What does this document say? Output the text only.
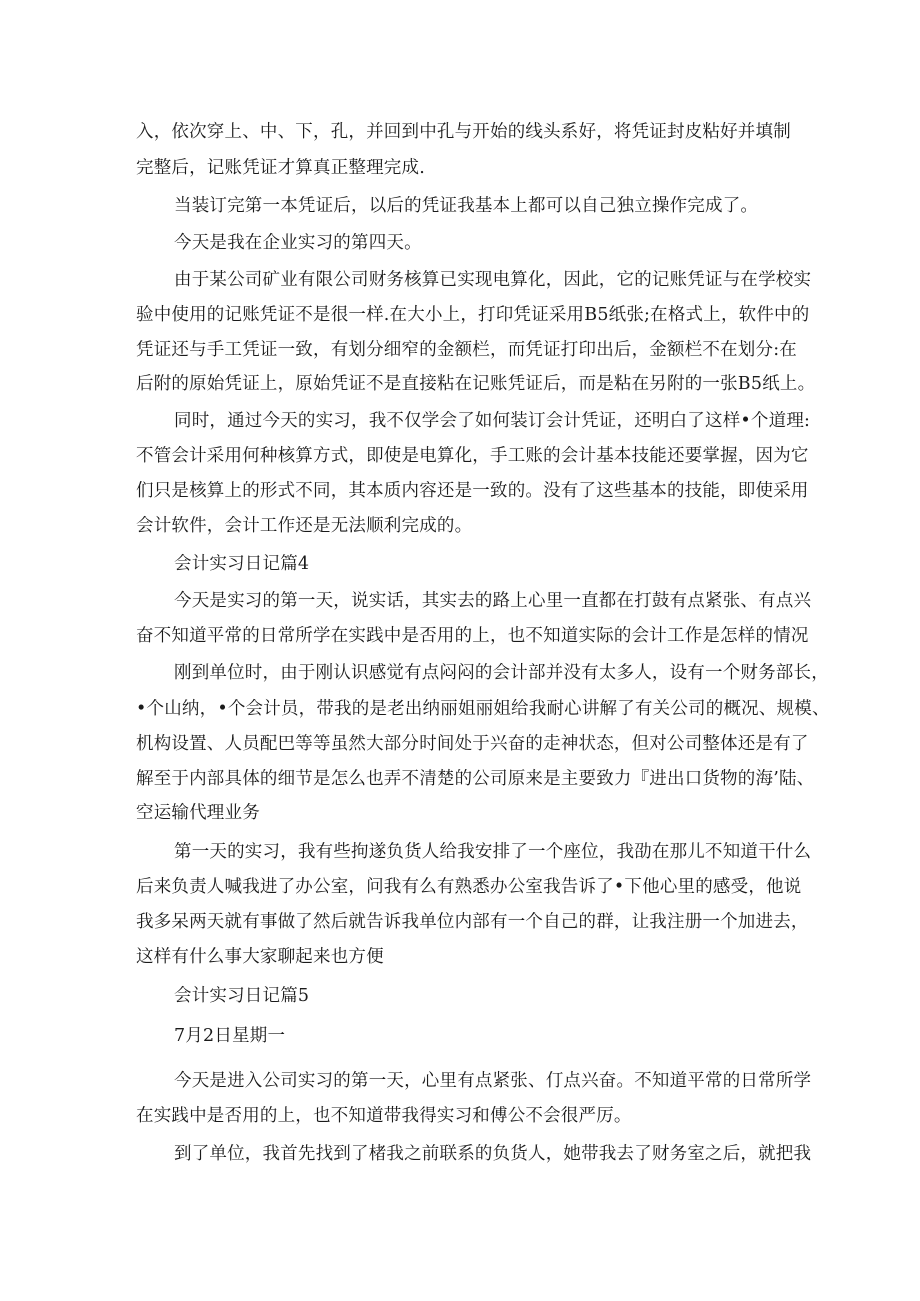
入，依次穿上、中、下，孔，并回到中孔与开始的线头系好，将凭证封皮粘好并填制
完整后，记账凭证才算真正整理完成.
当装订完第一本凭证后，以后的凭证我基本上都可以自己独立操作完成了。
今天是我在企业实习的第四天。
由于某公司矿业有限公司财务核算已实现电算化，因此，它的记账凭证与在学校实
验中使用的记账凭证不是很一样.在大小上，打印凭证采用B5纸张;在格式上，软件中的
凭证还与手工凭证一致，有划分细窄的金额栏，而凭证打印出后，金额栏不在划分:在
后附的原始凭证上，原始凭证不是直接粘在记账凭证后，而是粘在另附的一张B5纸上。
同时，通过今天的实习，我不仅学会了如何装订会计凭证，还明白了这样•个道理:
不管会计采用何种核算方式，即使是电算化，手工账的会计基本技能还要掌握，因为它
们只是核算上的形式不同，其本质内容还是一致的。没有了这些基本的技能，即使采用
会计软件，会计工作还是无法顺利完成的。
会计实习日记篇4
今天是实习的第一天，说实话，其实去的路上心里一直都在打鼓有点紧张、有点兴
奋不知道平常的日常所学在实践中是否用的上，也不知道实际的会计工作是怎样的情况
刚到单位时，由于刚认识感觉有点闷闷的会计部并没有太多人，设有一个财务部长，
•个山纳，•个会计员，带我的是老出纳丽姐丽姐给我耐心讲解了有关公司的概况、规模、
机构设置、人员配巴等等虽然大部分时间处于兴奋的走神状态，但对公司整体还是有了
解至于内部具体的细节是怎么也弄不清楚的公司原来是主要致力『进出口货物的海’陆、
空运输代理业务
第一天的实习，我有些拘遂负货人给我安排了一个座位，我劭在那儿不知道干什么
后来负责人喊我进了办公室，问我有么有熟悉办公室我告诉了•下他心里的感受，他说
我多呆两天就有事做了然后就告诉我单位内部有一个自己的群，让我注册一个加进去，
这样有什么事大家聊起来也方便
会计实习日记篇5
7月2日星期一
今天是进入公司实习的第一天，心里有点紧张、仃点兴奋。不知道平常的日常所学
在实践中是否用的上，也不知道带我得实习和傅公不会很严厉。
到了单位，我首先找到了楮我之前联系的负货人，她带我去了财务室之后，就把我
